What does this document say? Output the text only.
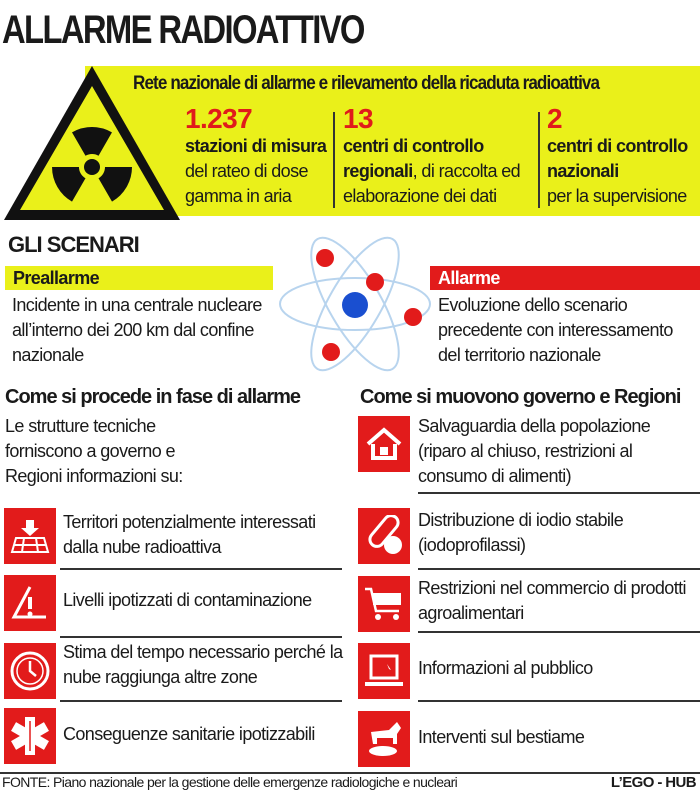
ALLARME RADIOATTIVO
Rete nazionale di allarme e rilevamento della ricaduta radioattiva
1.237
stazioni di misura
del rateo di dose gamma in aria
13
centri di controllo regionali, di raccolta ed elaborazione dei dati
2
centri di controllo nazionali
per la supervisione
GLI SCENARI
Preallarme
Incidente in una centrale nucleare all’interno dei 200 km dal confine nazionale
Allarme
Evoluzione dello scenario precedente con interessamento del territorio nazionale
Come si procede in fase di allarme
Le strutture tecniche forniscono a governo e Regioni informazioni su:
Come si muovono governo e Regioni
Territori potenzialmente interessati dalla nube radioattiva
Livelli ipotizzati di contaminazione
Stima del tempo necessario perché la nube raggiunga altre zone
Conseguenze sanitarie ipotizzabili
Salvaguardia della popolazione (riparo al chiuso, restrizioni al consumo di alimenti)
Distribuzione di iodio stabile (iodoprofilassi)
Restrizioni nel commercio di prodotti agroalimentari
Informazioni al pubblico
Interventi sul bestiame
FONTE: Piano nazionale per la gestione delle emergenze radiologiche e nucleari	L’EGO - HUB
